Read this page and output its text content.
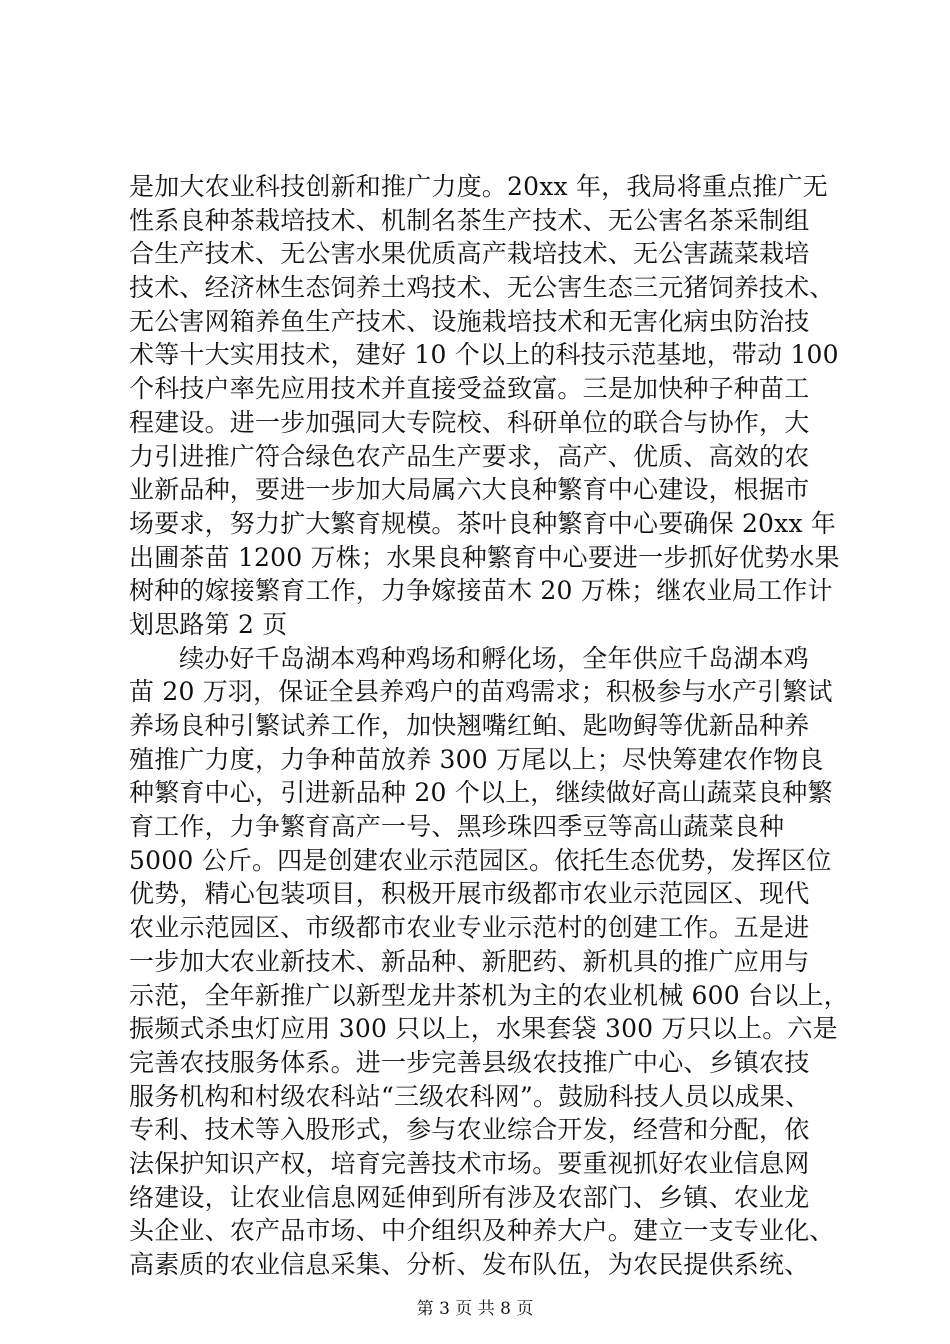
是加大农业科技创新和推广力度。20xx 年，我局将重点推广无
性系良种茶栽培技术、机制名茶生产技术、无公害名茶采制组
合生产技术、无公害水果优质高产栽培技术、无公害蔬菜栽培
技术、经济林生态饲养土鸡技术、无公害生态三元猪饲养技术、
无公害网箱养鱼生产技术、设施栽培技术和无害化病虫防治技
术等十大实用技术，建好 10 个以上的科技示范基地，带动 100
个科技户率先应用技术并直接受益致富。三是加快种子种苗工
程建设。进一步加强同大专院校、科研单位的联合与协作，大
力引进推广符合绿色农产品生产要求，高产、优质、高效的农
业新品种，要进一步加大局属六大良种繁育中心建设，根据市
场要求，努力扩大繁育规模。茶叶良种繁育中心要确保 20xx 年
出圃茶苗 1200 万株；水果良种繁育中心要进一步抓好优势水果
树种的嫁接繁育工作，力争嫁接苗木 20 万株；继农业局工作计
划思路第 2 页
续办好千岛湖本鸡种鸡场和孵化场，全年供应千岛湖本鸡
苗 20 万羽，保证全县养鸡户的苗鸡需求；积极参与水产引繁试
养场良种引繁试养工作，加快翘嘴红鲌、匙吻鲟等优新品种养
殖推广力度，力争种苗放养 300 万尾以上；尽快筹建农作物良
种繁育中心，引进新品种 20 个以上，继续做好高山蔬菜良种繁
育工作，力争繁育高产一号、黑珍珠四季豆等高山蔬菜良种
5000 公斤。四是创建农业示范园区。依托生态优势，发挥区位
优势，精心包装项目，积极开展市级都市农业示范园区、现代
农业示范园区、市级都市农业专业示范村的创建工作。五是进
一步加大农业新技术、新品种、新肥药、新机具的推广应用与
示范，全年新推广以新型龙井茶机为主的农业机械 600 台以上，
振频式杀虫灯应用 300 只以上，水果套袋 300 万只以上。六是
完善农技服务体系。进一步完善县级农技推广中心、乡镇农技
服务机构和村级农科站“三级农科网”。鼓励科技人员以成果、
专利、技术等入股形式，参与农业综合开发，经营和分配，依
法保护知识产权，培育完善技术市场。要重视抓好农业信息网
络建设，让农业信息网延伸到所有涉及农部门、乡镇、农业龙
头企业、农产品市场、中介组织及种养大户。建立一支专业化、
高素质的农业信息采集、分析、发布队伍，为农民提供系统、
第 3 页 共 8 页
